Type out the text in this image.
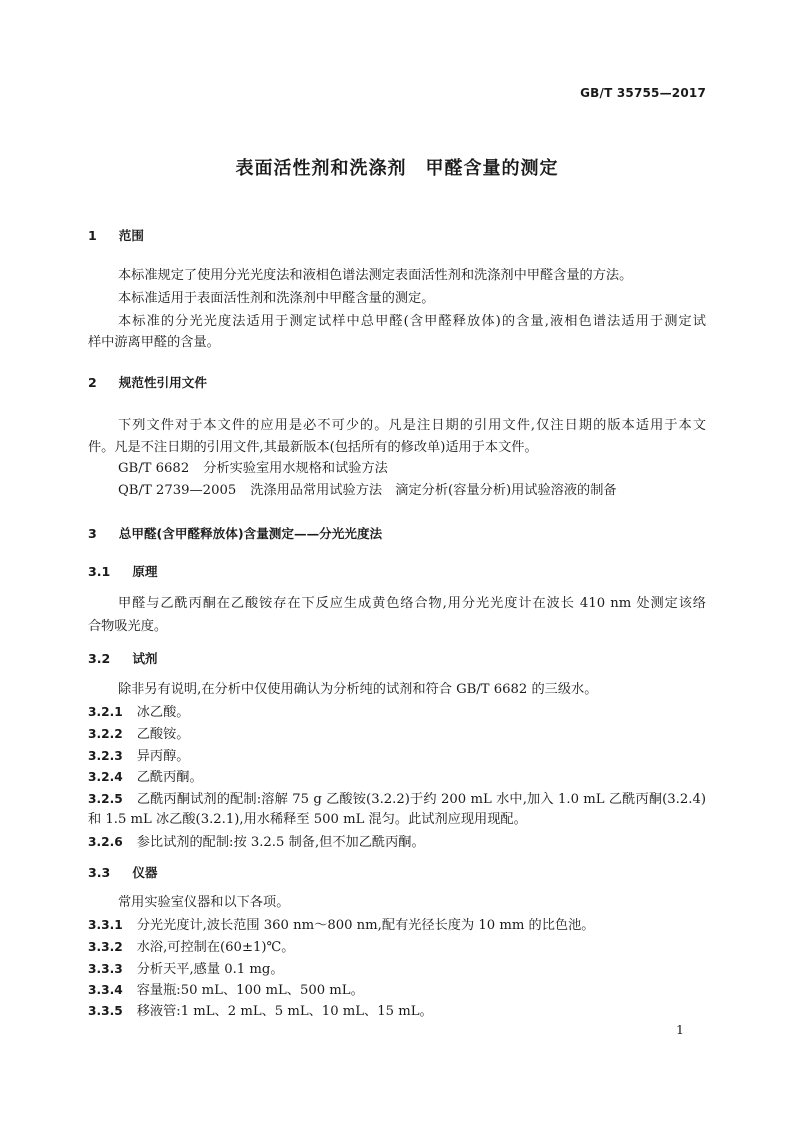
GB/T 35755—2017
表面活性剂和洗涤剂　甲醛含量的测定
1 范围
本标准规定了使用分光光度法和液相色谱法测定表面活性剂和洗涤剂中甲醛含量的方法。
本标准适用于表面活性剂和洗涤剂中甲醛含量的测定。
本标准的分光光度法适用于测定试样中总甲醛(含甲醛释放体)的含量,液相色谱法适用于测定试
样中游离甲醛的含量。
2 规范性引用文件
下列文件对于本文件的应用是必不可少的。凡是注日期的引用文件,仅注日期的版本适用于本文
件。凡是不注日期的引用文件,其最新版本(包括所有的修改单)适用于本文件。
GB/T 6682 分析实验室用水规格和试验方法
QB/T 2739—2005 洗涤用品常用试验方法　滴定分析(容量分析)用试验溶液的制备
3 总甲醛(含甲醛释放体)含量测定——分光光度法
3.1 原理
甲醛与乙酰丙酮在乙酸铵存在下反应生成黄色络合物,用分光光度计在波长 410 nm 处测定该络
合物吸光度。
3.2 试剂
除非另有说明,在分析中仅使用确认为分析纯的试剂和符合 GB/T 6682 的三级水。
3.2.1 冰乙酸。
3.2.2 乙酸铵。
3.2.3 异丙醇。
3.2.4 乙酰丙酮。
3.2.5 乙酰丙酮试剂的配制:溶解 75 g 乙酸铵(3.2.2)于约 200 mL 水中,加入 1.0 mL 乙酰丙酮(3.2.4)
和 1.5 mL 冰乙酸(3.2.1),用水稀释至 500 mL 混匀。此试剂应现用现配。
3.2.6 参比试剂的配制:按 3.2.5 制备,但不加乙酰丙酮。
3.3 仪器
常用实验室仪器和以下各项。
3.3.1 分光光度计,波长范围 360 nm～800 nm,配有光径长度为 10 mm 的比色池。
3.3.2 水浴,可控制在(60±1)℃。
3.3.3 分析天平,感量 0.1 mg。
3.3.4 容量瓶:50 mL、100 mL、500 mL。
3.3.5 移液管:1 mL、2 mL、5 mL、10 mL、15 mL。
1
